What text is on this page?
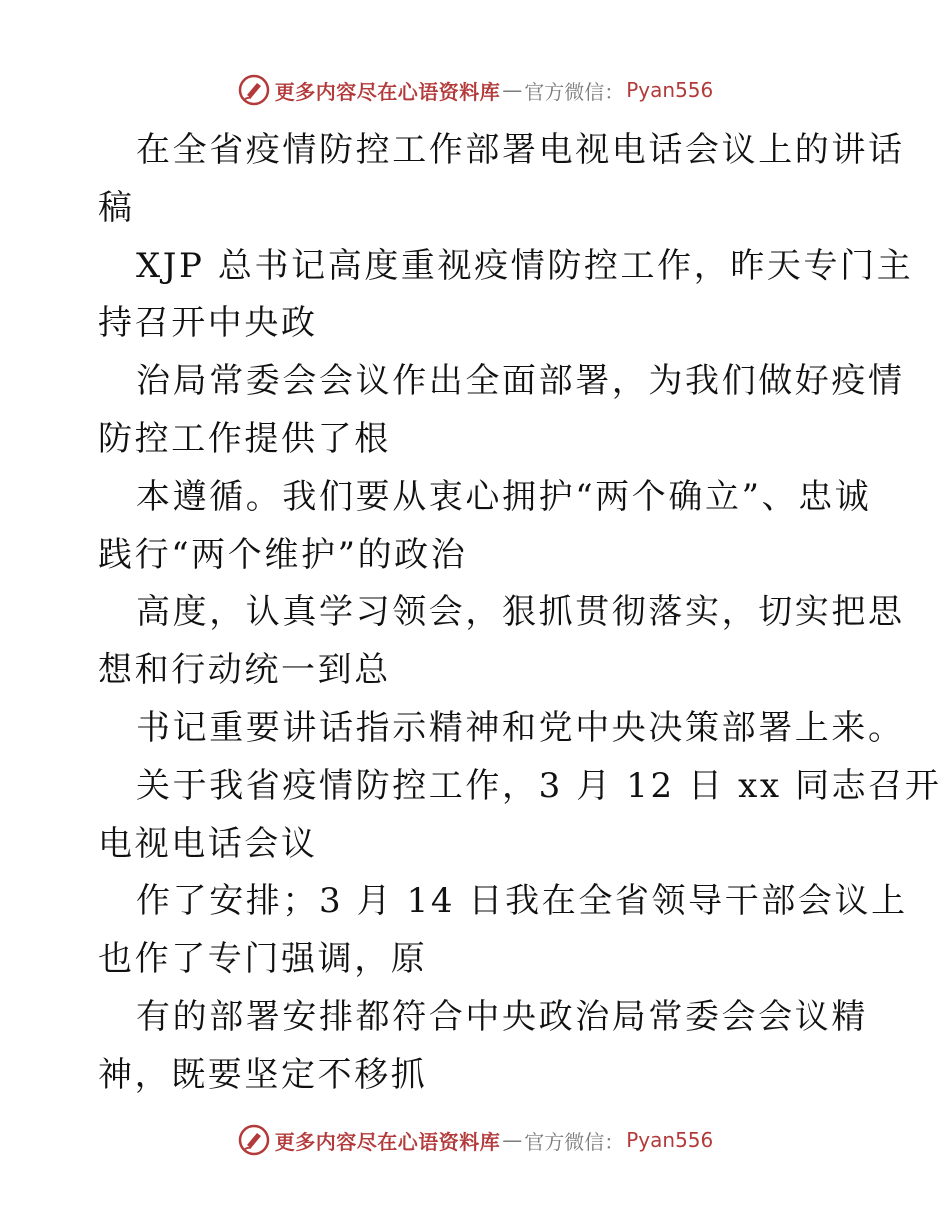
更多内容尽在心语资料库 — 官方微信： Pyan556
在全省疫情防控工作部署电视电话会议上的讲话
稿
XJP 总书记高度重视疫情防控工作，昨天专门主
持召开中央政
治局常委会会议作出全面部署，为我们做好疫情
防控工作提供了根
本遵循。我们要从衷心拥护“两个确立”、忠诚
践行“两个维护”的政治
高度，认真学习领会，狠抓贯彻落实，切实把思
想和行动统一到总
书记重要讲话指示精神和党中央决策部署上来。
关于我省疫情防控工作，3 月 12 日 xx 同志召开
电视电话会议
作了安排；3 月 14 日我在全省领导干部会议上
也作了专门强调，原
有的部署安排都符合中央政治局常委会会议精
神，既要坚定不移抓
更多内容尽在心语资料库 — 官方微信： Pyan556
